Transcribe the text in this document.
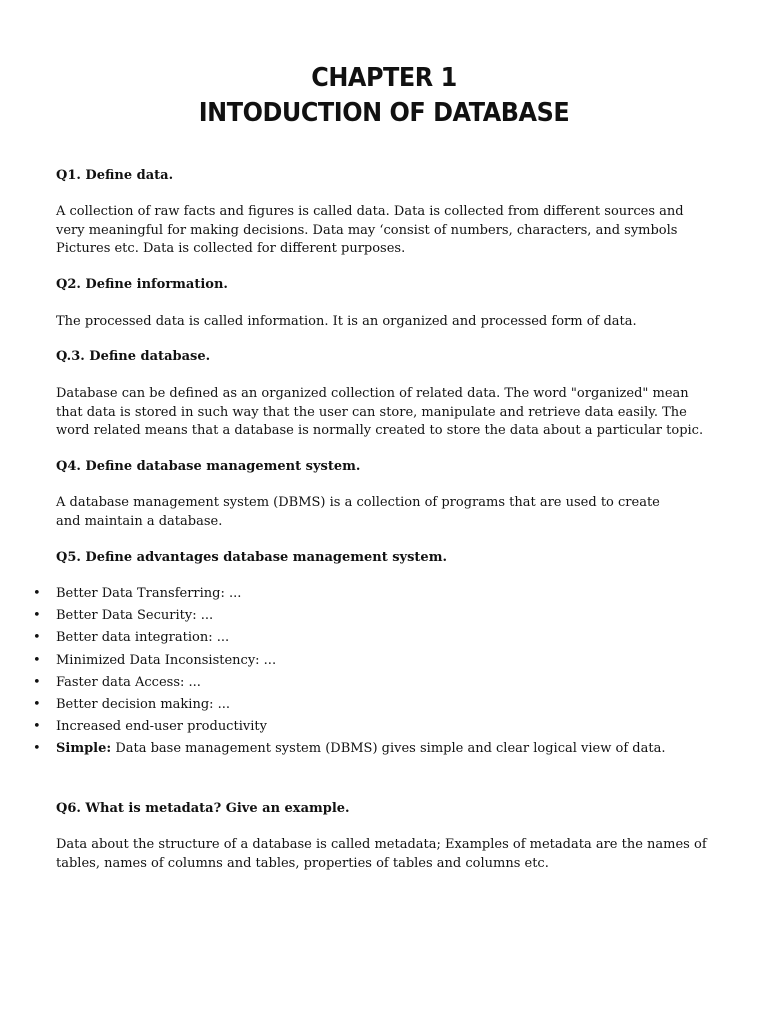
CHAPTER 1
INTODUCTION OF DATABASE

Q1. Define data.

A collection of raw facts and figures is called data. Data is collected from different sources and
very meaningful for making decisions. Data may ‘consist of numbers, characters, and symbols
Pictures etc. Data is collected for different purposes.

Q2. Define information.

The processed data is called information. It is an organized and processed form of data.

Q.3. Define database.

Database can be defined as an organized collection of related data. The word "organized" mean
that data is stored in such way that the user can store, manipulate and retrieve data easily. The
word related means that a database is normally created to store the data about a particular topic.

Q4. Define database management system.

A database management system (DBMS) is a collection of programs that are used to create
and maintain a database.

Q5. Define advantages database management system.

• Better Data Transferring: ...
• Better Data Security: ...
• Better data integration: ...
• Minimized Data Inconsistency: ...
• Faster data Access: ...
• Better decision making: ...
• Increased end-user productivity
• Simple: Data base management system (DBMS) gives simple and clear logical view of data.

Q6. What is metadata? Give an example.

Data about the structure of a database is called metadata; Examples of metadata are the names of
tables, names of columns and tables, properties of tables and columns etc.
